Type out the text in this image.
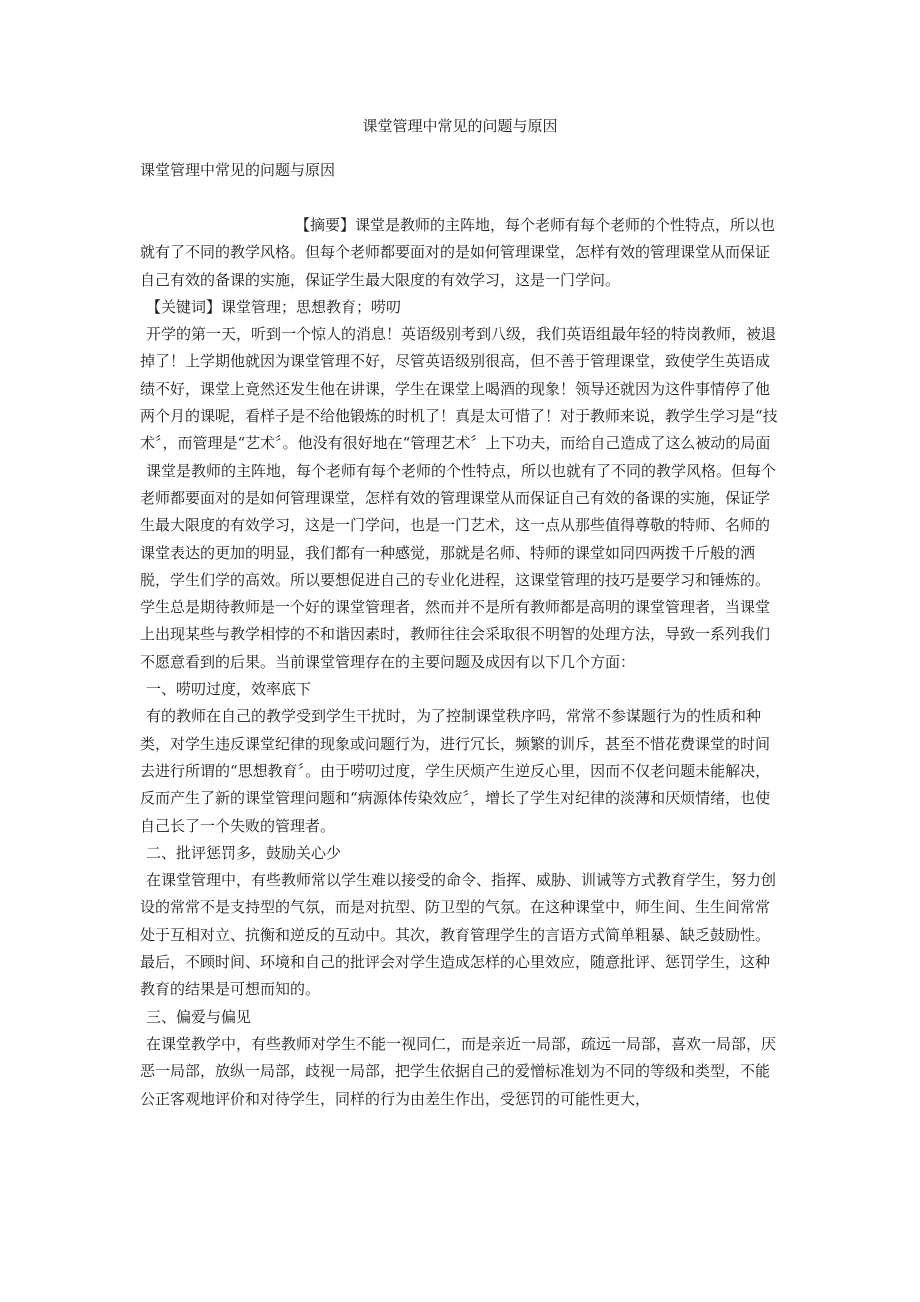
课堂管理中常见的问题与原因
课堂管理中常见的问题与原因

【摘要】课堂是教师的主阵地，每个老师有每个老师的个性特点，所以也就有了不同的教学风格。但每个老师都要面对的是如何管理课堂，怎样有效的管理课堂从而保证自己有效的备课的实施，保证学生最大限度的有效学习，这是一门学问。

【关键词】课堂管理；思想教育；唠叨

开学的第一天，听到一个惊人的消息！英语级别考到八级，我们英语组最年轻的特岗教师，被退掉了！上学期他就因为课堂管理不好，尽管英语级别很高，但不善于管理课堂，致使学生英语成绩不好，课堂上竟然还发生他在讲课，学生在课堂上喝酒的现象！领导还就因为这件事情停了他两个月的课呢，看样子是不给他锻炼的时机了！真是太可惜了！对于教师来说，教学生学习是“技术〞，而管理是“艺术〞。他没有很好地在“管理艺术〞上下功夫，而给自己造成了这么被动的局面

课堂是教师的主阵地，每个老师有每个老师的个性特点，所以也就有了不同的教学风格。但每个老师都要面对的是如何管理课堂，怎样有效的管理课堂从而保证自己有效的备课的实施，保证学生最大限度的有效学习，这是一门学问，也是一门艺术，这一点从那些值得尊敬的特师、名师的课堂表达的更加的明显，我们都有一种感觉，那就是名师、特师的课堂如同四两拨千斤般的洒脱，学生们学的高效。所以要想促进自己的专业化进程，这课堂管理的技巧是要学习和锤炼的。学生总是期待教师是一个好的课堂管理者，然而并不是所有教师都是高明的课堂管理者，当课堂上出现某些与教学相悖的不和谐因素时，教师往往会采取很不明智的处理方法，导致一系列我们不愿意看到的后果。当前课堂管理存在的主要问题及成因有以下几个方面：

一、唠叨过度，效率底下

有的教师在自己的教学受到学生干扰时，为了控制课堂秩序吗，常常不参谋题行为的性质和种类，对学生违反课堂纪律的现象或问题行为，进行冗长，频繁的训斥，甚至不惜花费课堂的时间去进行所谓的“思想教育〞。由于唠叨过度，学生厌烦产生逆反心里，因而不仅老问题未能解决，反而产生了新的课堂管理问题和“病源体传染效应〞，增长了学生对纪律的淡薄和厌烦情绪，也使自己长了一个失败的管理者。

二、批评惩罚多，鼓励关心少

在课堂管理中，有些教师常以学生难以接受的命令、指挥、威胁、训诫等方式教育学生，努力创设的常常不是支持型的气氛，而是对抗型、防卫型的气氛。在这种课堂中，师生间、生生间常常处于互相对立、抗衡和逆反的互动中。其次，教育管理学生的言语方式简单粗暴、缺乏鼓励性。最后，不顾时间、环境和自己的批评会对学生造成怎样的心里效应，随意批评、惩罚学生，这种教育的结果是可想而知的。

三、偏爱与偏见

在课堂教学中，有些教师对学生不能一视同仁，而是亲近一局部，疏远一局部，喜欢一局部，厌恶一局部，放纵一局部，歧视一局部，把学生依据自己的爱憎标准划为不同的等级和类型，不能公正客观地评价和对待学生，同样的行为由差生作出，受惩罚的可能性更大，
